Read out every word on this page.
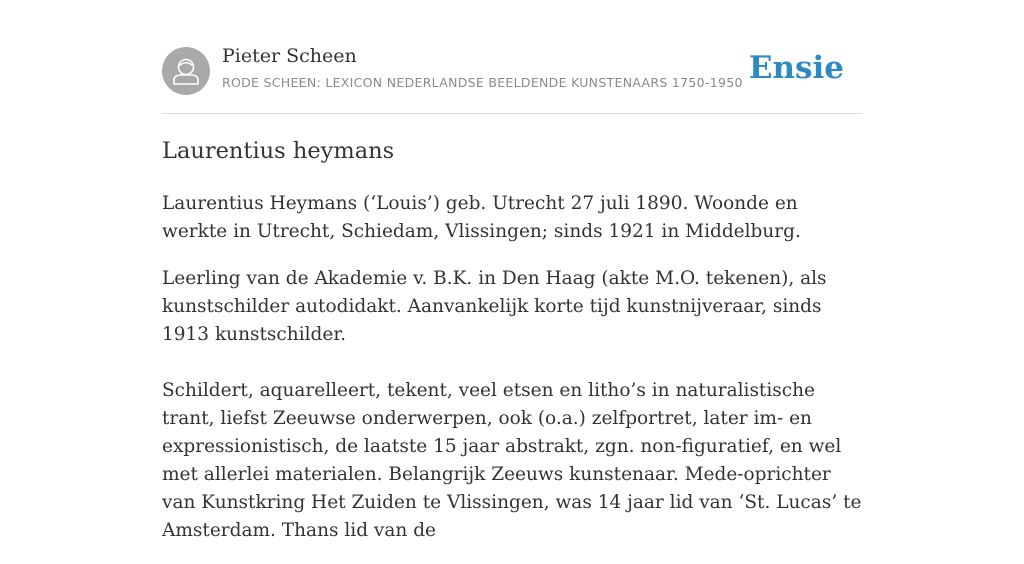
Pieter Scheen
RODE SCHEEN: LEXICON NEDERLANDSE BEELDENDE KUNSTENAARS 1750-1950 Ensie
Laurentius heymans

Laurentius Heymans (‘Louis’) geb. Utrecht 27 juli 1890. Woonde en werkte in Utrecht, Schiedam, Vlissingen; sinds 1921 in Middelburg.

Leerling van de Akademie v. B.K. in Den Haag (akte M.O. tekenen), als kunstschilder autodidakt. Aanvankelijk korte tijd kunstnijveraar, sinds 1913 kunstschilder.

Schildert, aquarelleert, tekent, veel etsen en litho’s in naturalistische trant, liefst Zeeuwse onderwerpen, ook (o.a.) zelfportret, later im- en expressionistisch, de laatste 15 jaar abstrakt, zgn. non-figuratief, en wel met allerlei materialen. Belangrijk Zeeuws kunstenaar. Mede-oprichter van Kunstkring Het Zuiden te Vlissingen, was 14 jaar lid van ‘St. Lucas’ te Amsterdam. Thans lid van de
